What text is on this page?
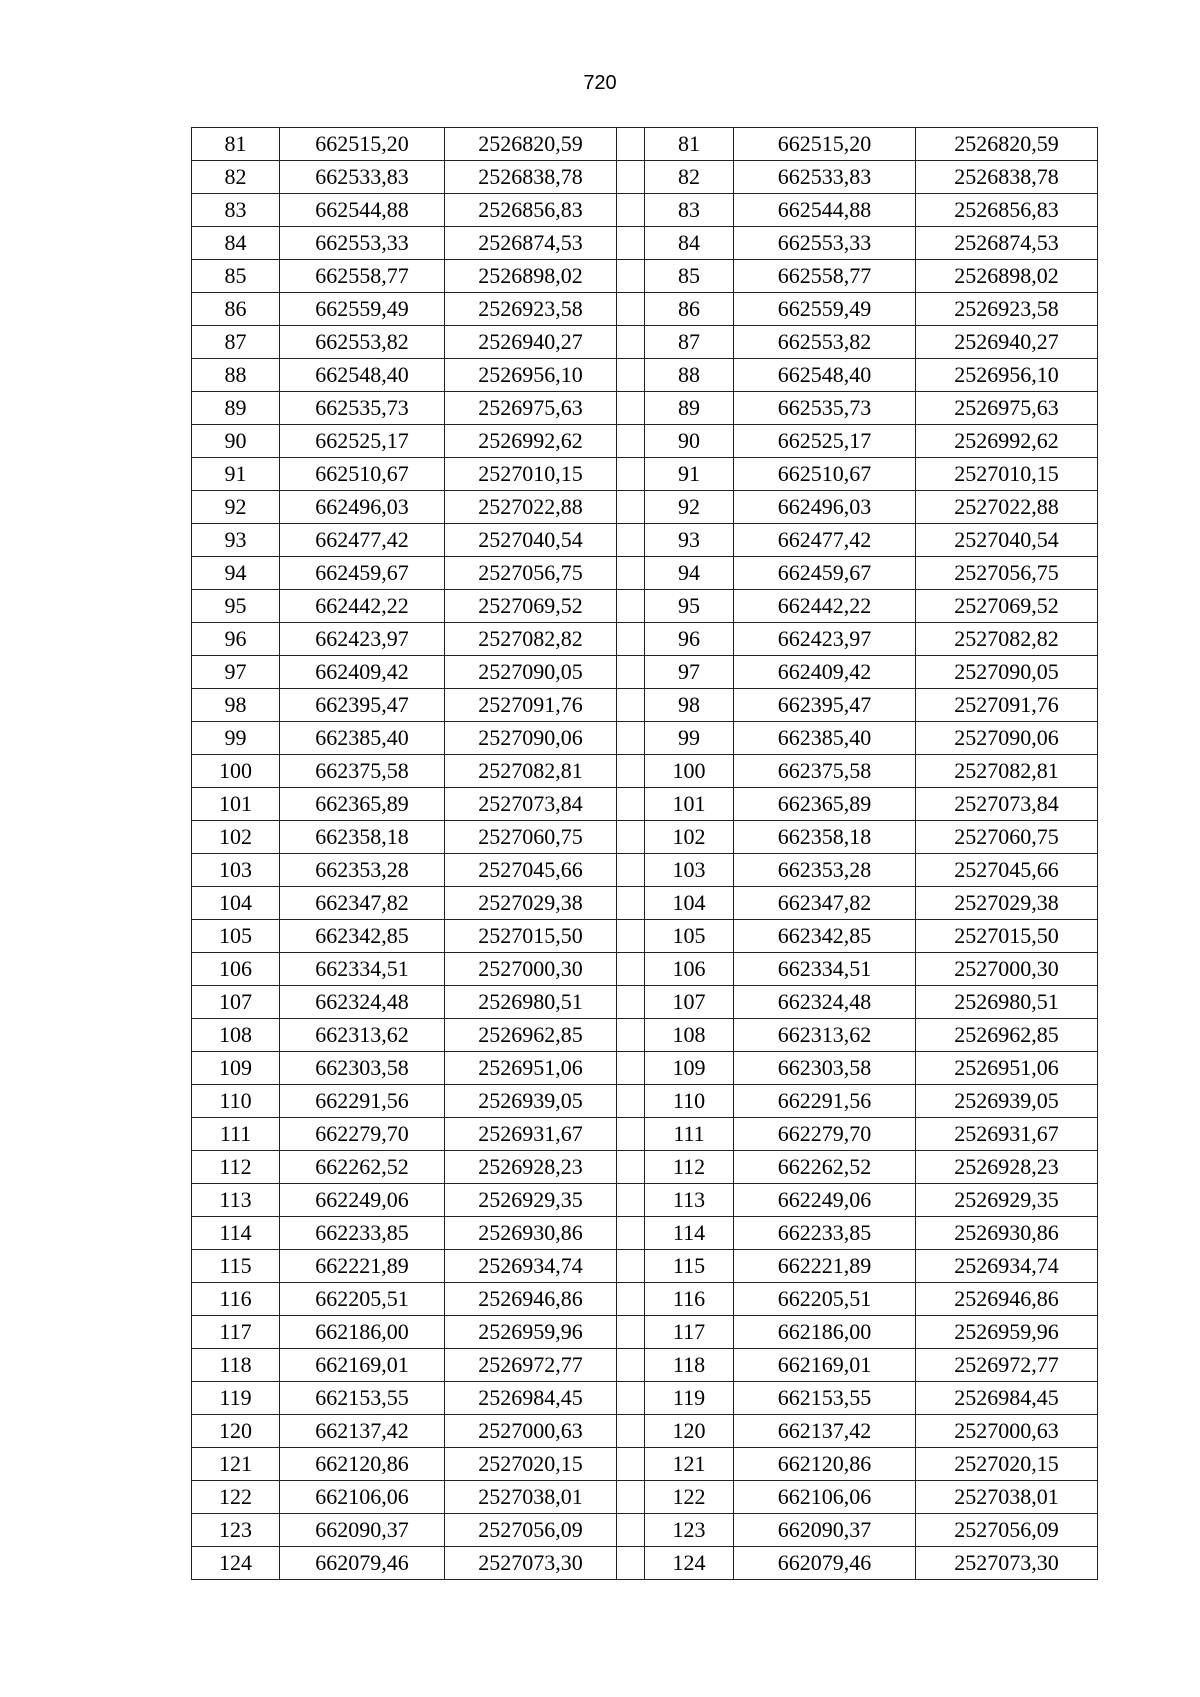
720
81	662515,20	2526820,59		81	662515,20	2526820,59
82	662533,83	2526838,78		82	662533,83	2526838,78
83	662544,88	2526856,83		83	662544,88	2526856,83
84	662553,33	2526874,53		84	662553,33	2526874,53
85	662558,77	2526898,02		85	662558,77	2526898,02
86	662559,49	2526923,58		86	662559,49	2526923,58
87	662553,82	2526940,27		87	662553,82	2526940,27
88	662548,40	2526956,10		88	662548,40	2526956,10
89	662535,73	2526975,63		89	662535,73	2526975,63
90	662525,17	2526992,62		90	662525,17	2526992,62
91	662510,67	2527010,15		91	662510,67	2527010,15
92	662496,03	2527022,88		92	662496,03	2527022,88
93	662477,42	2527040,54		93	662477,42	2527040,54
94	662459,67	2527056,75		94	662459,67	2527056,75
95	662442,22	2527069,52		95	662442,22	2527069,52
96	662423,97	2527082,82		96	662423,97	2527082,82
97	662409,42	2527090,05		97	662409,42	2527090,05
98	662395,47	2527091,76		98	662395,47	2527091,76
99	662385,40	2527090,06		99	662385,40	2527090,06
100	662375,58	2527082,81		100	662375,58	2527082,81
101	662365,89	2527073,84		101	662365,89	2527073,84
102	662358,18	2527060,75		102	662358,18	2527060,75
103	662353,28	2527045,66		103	662353,28	2527045,66
104	662347,82	2527029,38		104	662347,82	2527029,38
105	662342,85	2527015,50		105	662342,85	2527015,50
106	662334,51	2527000,30		106	662334,51	2527000,30
107	662324,48	2526980,51		107	662324,48	2526980,51
108	662313,62	2526962,85		108	662313,62	2526962,85
109	662303,58	2526951,06		109	662303,58	2526951,06
110	662291,56	2526939,05		110	662291,56	2526939,05
111	662279,70	2526931,67		111	662279,70	2526931,67
112	662262,52	2526928,23		112	662262,52	2526928,23
113	662249,06	2526929,35		113	662249,06	2526929,35
114	662233,85	2526930,86		114	662233,85	2526930,86
115	662221,89	2526934,74		115	662221,89	2526934,74
116	662205,51	2526946,86		116	662205,51	2526946,86
117	662186,00	2526959,96		117	662186,00	2526959,96
118	662169,01	2526972,77		118	662169,01	2526972,77
119	662153,55	2526984,45		119	662153,55	2526984,45
120	662137,42	2527000,63		120	662137,42	2527000,63
121	662120,86	2527020,15		121	662120,86	2527020,15
122	662106,06	2527038,01		122	662106,06	2527038,01
123	662090,37	2527056,09		123	662090,37	2527056,09
124	662079,46	2527073,30		124	662079,46	2527073,30
